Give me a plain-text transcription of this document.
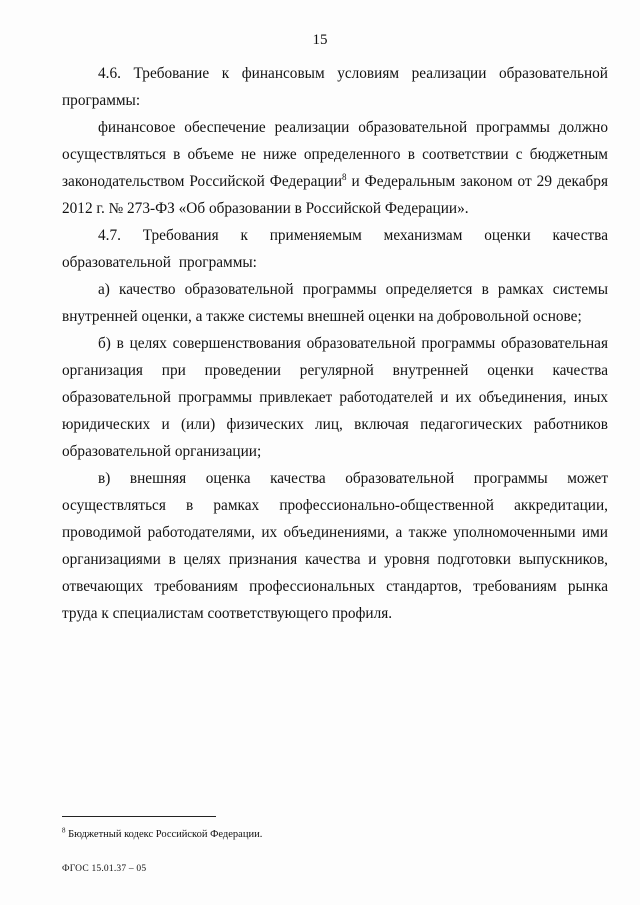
15

4.6. Требование к финансовым условиям реализации образовательной программы:

финансовое обеспечение реализации образовательной программы должно осуществляться в объеме не ниже определенного в соответствии с бюджетным законодательством Российской Федерации$^8$ и Федеральным законом от 29 декабря 2012 г. № 273-ФЗ «Об образовании в Российской Федерации».

4.7. Требования к применяемым механизмам оценки качества образовательной программы:

а) качество образовательной программы определяется в рамках системы внутренней оценки, а также системы внешней оценки на добровольной основе;

б) в целях совершенствования образовательной программы образовательная организация при проведении регулярной внутренней оценки качества образовательной программы привлекает работодателей и их объединения, иных юридических и (или) физических лиц, включая педагогических работников образовательной организации;

в) внешняя оценка качества образовательной программы может осуществляться в рамках профессионально-общественной аккредитации, проводимой работодателями, их объединениями, а также уполномоченными ими организациями в целях признания качества и уровня подготовки выпускников, отвечающих требованиям профессиональных стандартов, требованиям рынка труда к специалистам соответствующего профиля.

$^8$ Бюджетный кодекс Российской Федерации.
ФГОС 15.01.37 – 05
